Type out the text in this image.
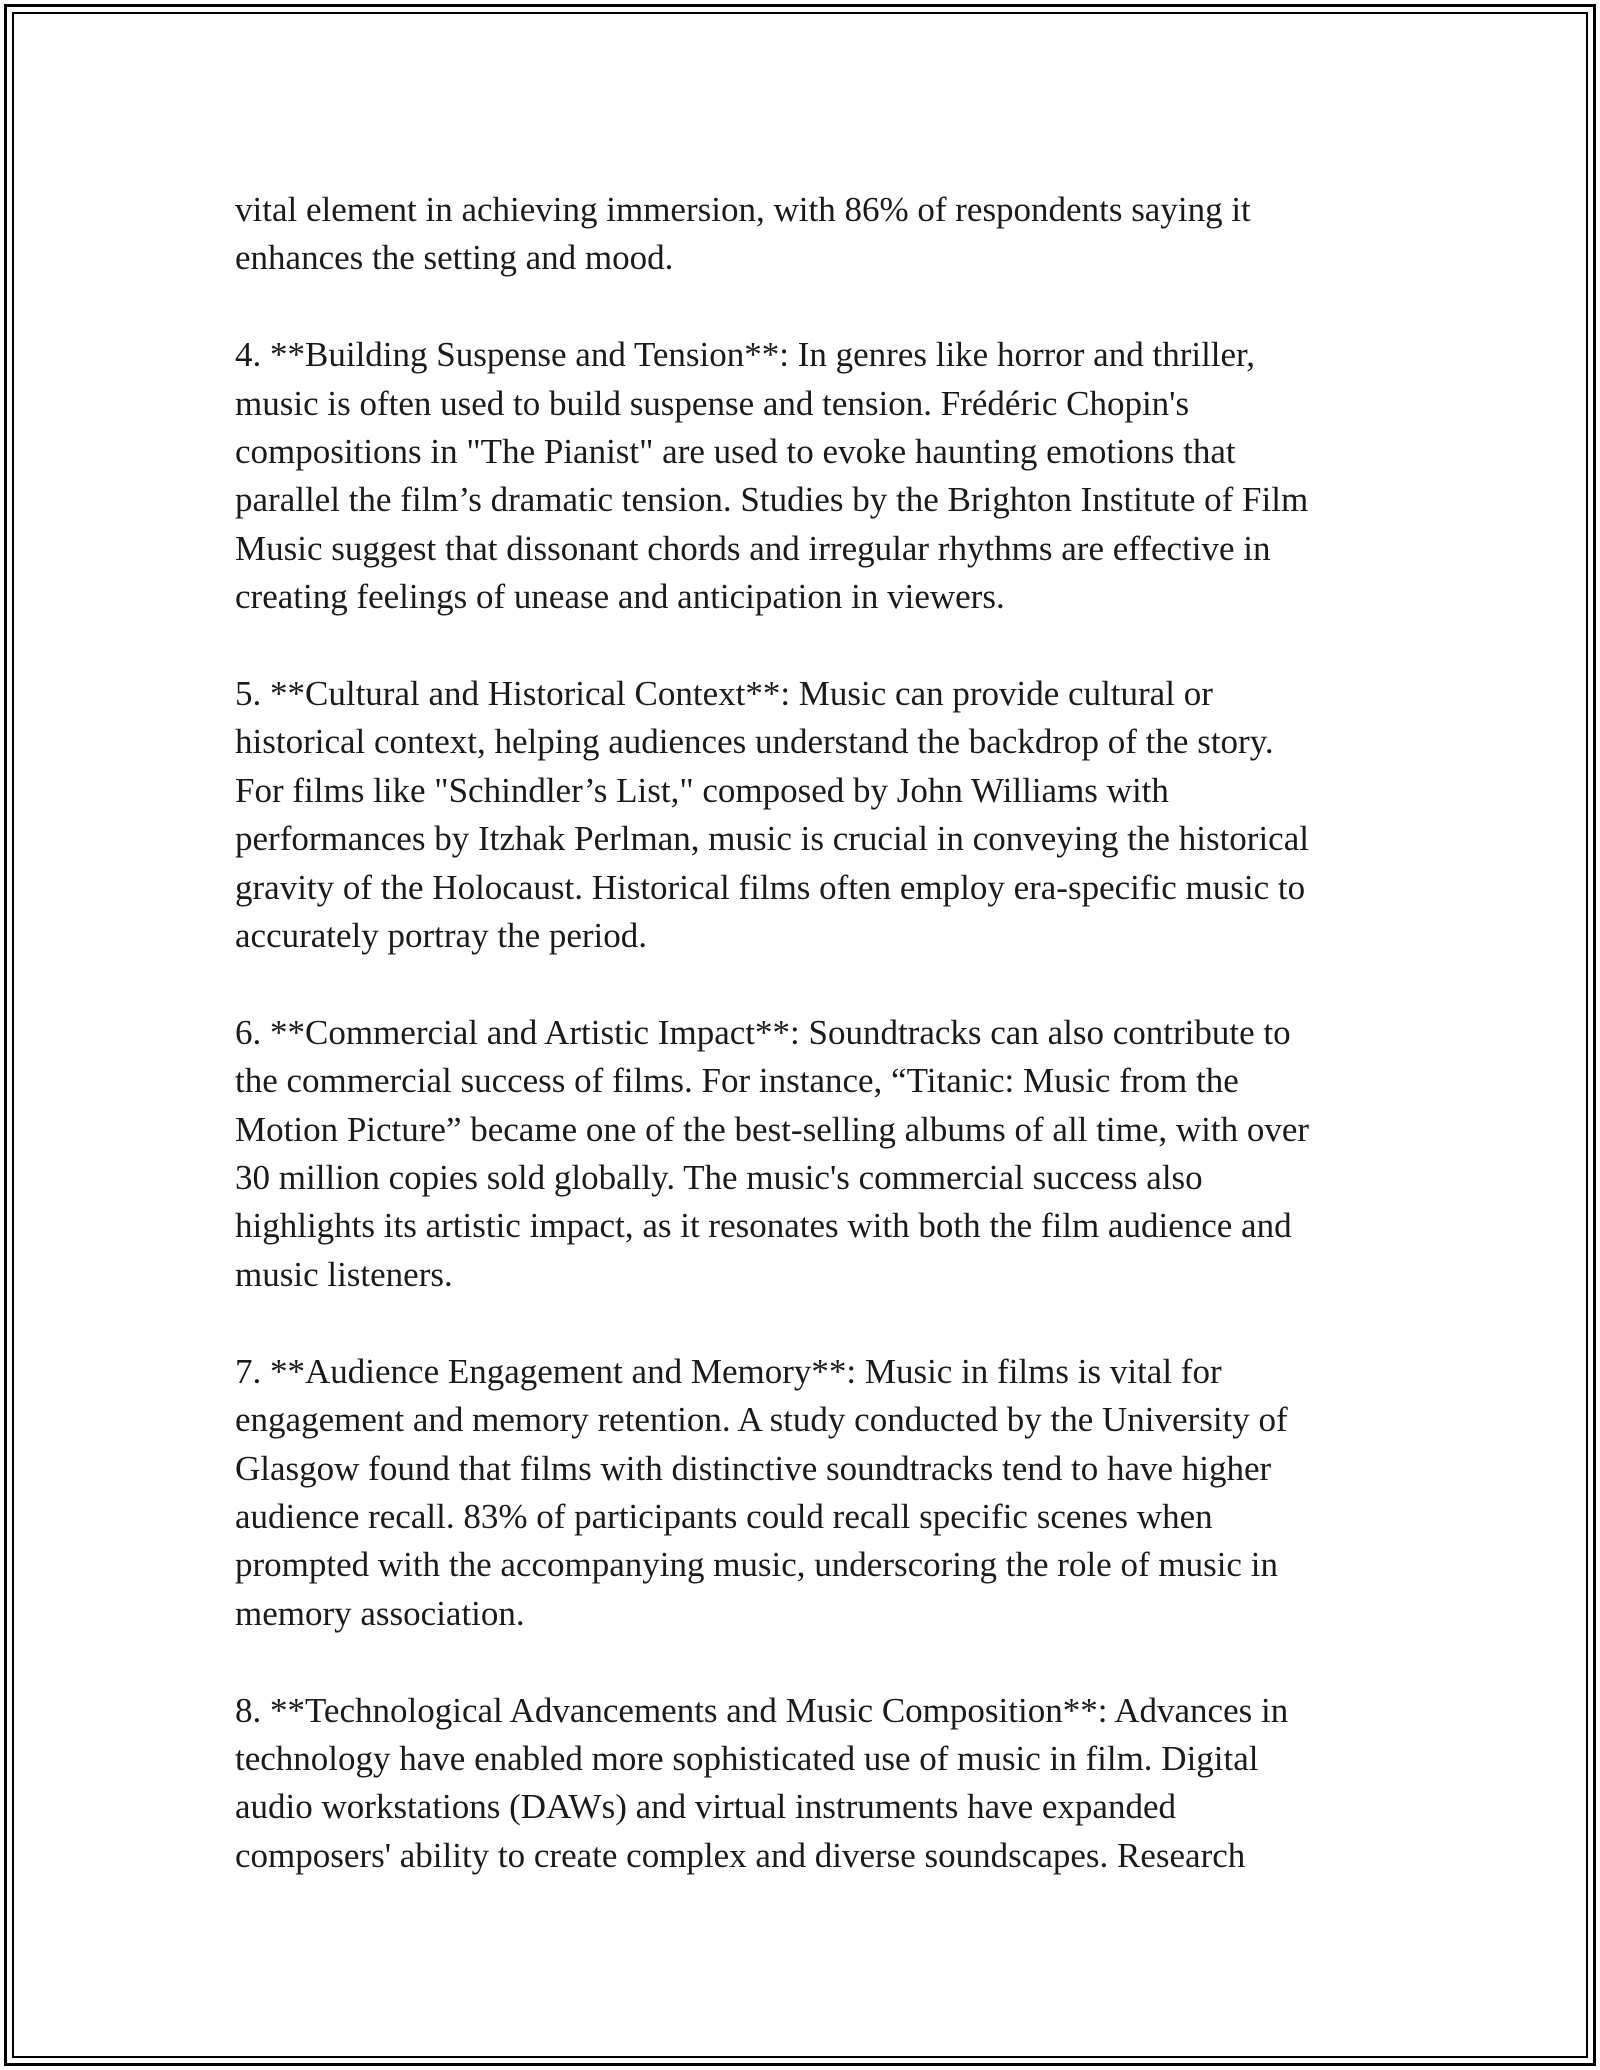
vital element in achieving immersion, with 86% of respondents saying it
enhances the setting and mood.

4. **Building Suspense and Tension**: In genres like horror and thriller,
music is often used to build suspense and tension. Frédéric Chopin's
compositions in "The Pianist" are used to evoke haunting emotions that
parallel the film’s dramatic tension. Studies by the Brighton Institute of Film
Music suggest that dissonant chords and irregular rhythms are effective in
creating feelings of unease and anticipation in viewers.

5. **Cultural and Historical Context**: Music can provide cultural or
historical context, helping audiences understand the backdrop of the story.
For films like "Schindler’s List," composed by John Williams with
performances by Itzhak Perlman, music is crucial in conveying the historical
gravity of the Holocaust. Historical films often employ era-specific music to
accurately portray the period.

6. **Commercial and Artistic Impact**: Soundtracks can also contribute to
the commercial success of films. For instance, “Titanic: Music from the
Motion Picture” became one of the best-selling albums of all time, with over
30 million copies sold globally. The music's commercial success also
highlights its artistic impact, as it resonates with both the film audience and
music listeners.

7. **Audience Engagement and Memory**: Music in films is vital for
engagement and memory retention. A study conducted by the University of
Glasgow found that films with distinctive soundtracks tend to have higher
audience recall. 83% of participants could recall specific scenes when
prompted with the accompanying music, underscoring the role of music in
memory association.

8. **Technological Advancements and Music Composition**: Advances in
technology have enabled more sophisticated use of music in film. Digital
audio workstations (DAWs) and virtual instruments have expanded
composers' ability to create complex and diverse soundscapes. Research
